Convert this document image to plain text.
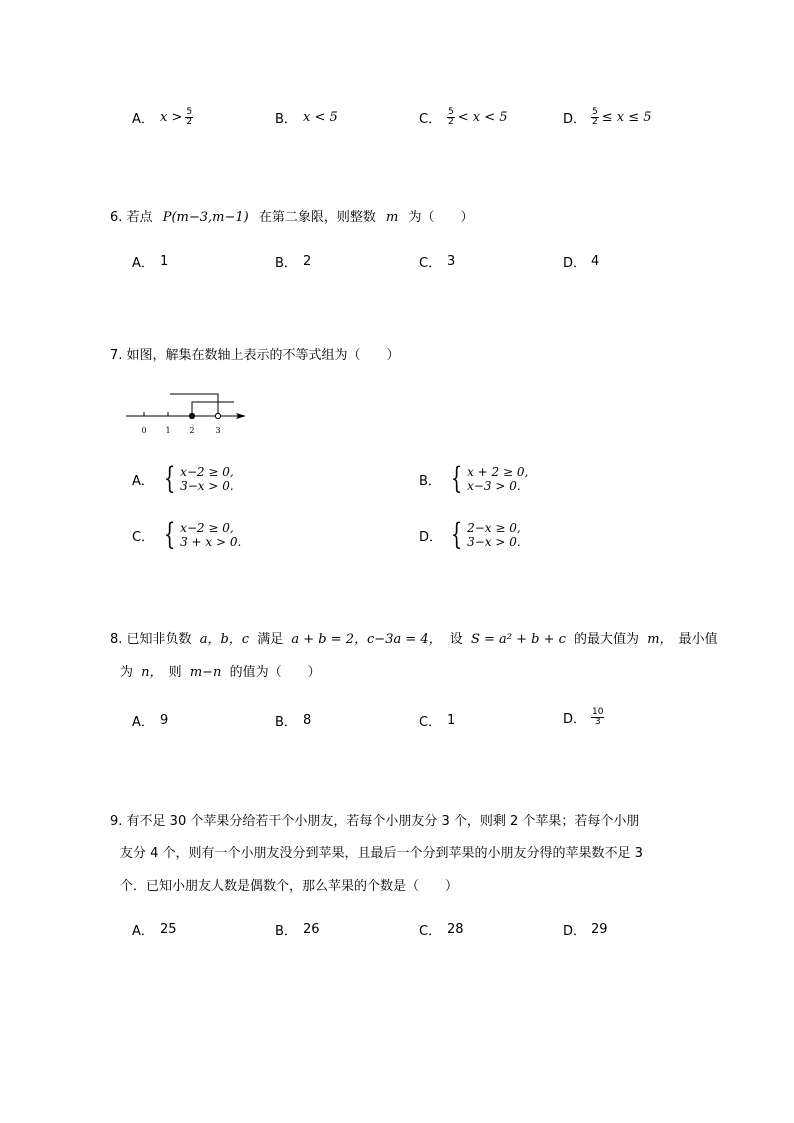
A． $x > \frac{5}{2}$	B． x < 5	C． $\frac{5}{2} < x < 5$	D． $\frac{5}{2} \le x \le 5$
6. 若点 P(m−3,m−1) 在第二象限，则整数 m 为（　　）
A． 1	B． 2	C． 3	D． 4
7. 如图，解集在数轴上表示的不等式组为（　　）
0 1 2	3
A． { x−2 ≥ 0,
3−x > 0.	B． { x + 2 ≥ 0,
x−3 > 0.
C． { x−2 ≥ 0,
3 + x > 0.	D． { 2−x ≥ 0,
3−x > 0.
8. 已知非负数 a，b，c 满足 a + b = 2，c−3a = 4， 设 S = a² + b + c 的最大值为 m， 最小值
为 n， 则 m−n 的值为（　　）
A． 9	B． 8	C． 1	D． $\frac{10}{3}$
9. 有不足 30 个苹果分给若干个小朋友，若每个小朋友分 3 个，则剩 2 个苹果；若每个小朋
友分 4 个，则有一个小朋友没分到苹果，且最后一个分到苹果的小朋友分得的苹果数不足 3
个．已知小朋友人数是偶数个，那么苹果的个数是（　　）
A． 25	B． 26	C． 28	D． 29
